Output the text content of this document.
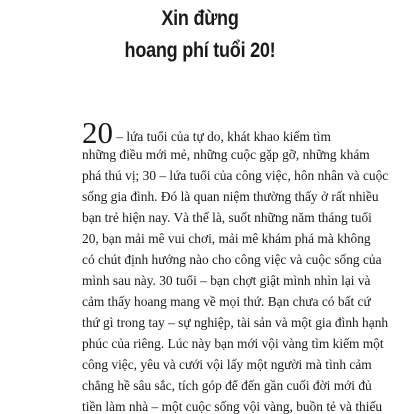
Xin đừng
hoang phí tuổi 20!
20 – lứa tuổi của tự do, khát khao kiếm tìm
những điều mới mẻ, những cuộc gặp gỡ, những khám
phá thú vị; 30 – lứa tuổi của công việc, hôn nhân và cuộc
sống gia đình. Đó là quan niệm thường thấy ở rất nhiều
bạn trẻ hiện nay. Và thế là, suốt những năm tháng tuổi
20, bạn mải mê vui chơi, mải mê khám phá mà không
có chút định hướng nào cho công việc và cuộc sống của
mình sau này. 30 tuổi – bạn chợt giật mình nhìn lại và
cảm thấy hoang mang về mọi thứ. Bạn chưa có bất cứ
thứ gì trong tay – sự nghiệp, tài sản và một gia đình hạnh
phúc của riêng. Lúc này bạn mới vội vàng tìm kiếm một
công việc, yêu và cưới vội lấy một người mà tình cảm
chẳng hề sâu sắc, tích góp để đến gần cuối đời mới đủ
tiền làm nhà – một cuộc sống vội vàng, buồn tẻ và thiếu
